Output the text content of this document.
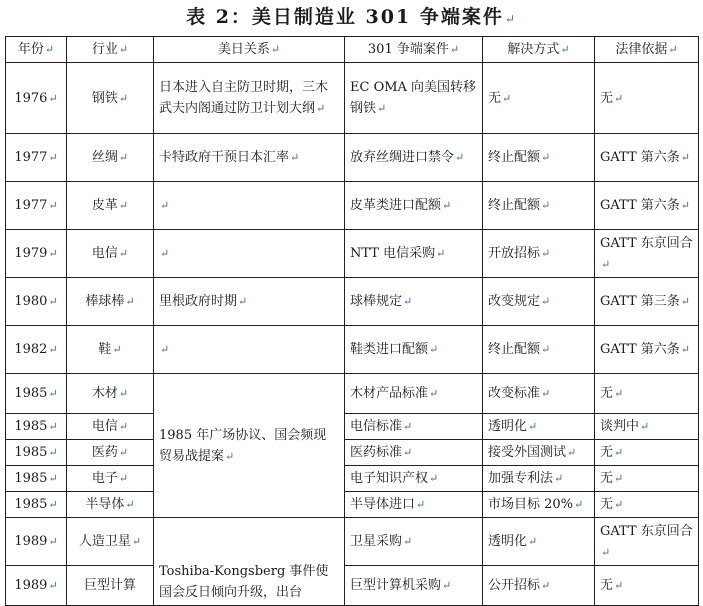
表 2：美日制造业 301 争端案件↵
年份↵	行业↵	美日关系↵	301 争端案件↵	解决方式↵	法律依据↵
1976↵	钢铁↵	日本进入自主防卫时期，三木武夫内阁通过防卫计划大纲↵	EC OMA 向美国转移钢铁↵	无↵	无↵
1977↵	丝绸↵	卡特政府干预日本汇率↵	放弃丝绸进口禁令↵	终止配额↵	GATT 第六条↵
1977↵	皮革↵	↵	皮革类进口配额↵	终止配额↵	GATT 第六条↵
1979↵	电信↵	↵	NTT 电信采购↵	开放招标↵	GATT 东京回合↵
1980↵	棒球棒↵	里根政府时期↵	球棒规定↵	改变规定↵	GATT 第三条↵
1982↵	鞋↵	↵	鞋类进口配额↵	终止配额↵	GATT 第六条↵
1985↵	木材↵	1985 年广场协议、国会频现贸易战提案↵	木材产品标准↵	改变标准↵	无↵
1985↵	电信↵		电信标准↵	透明化↵	谈判中↵
1985↵	医药↵		医药标准↵	接受外国测试↵	无↵
1985↵	电子↵		电子知识产权↵	加强专利法↵	无↵
1985↵	半导体↵		半导体进口↵	市场目标 20%↵	无↵
1989↵	人造卫星↵	Toshiba-Kongsberg 事件使国会反日倾向升级，出台	卫星采购↵	透明化↵	GATT 东京回合↵
1989↵	巨型计算		巨型计算机采购↵	公开招标↵	无↵
